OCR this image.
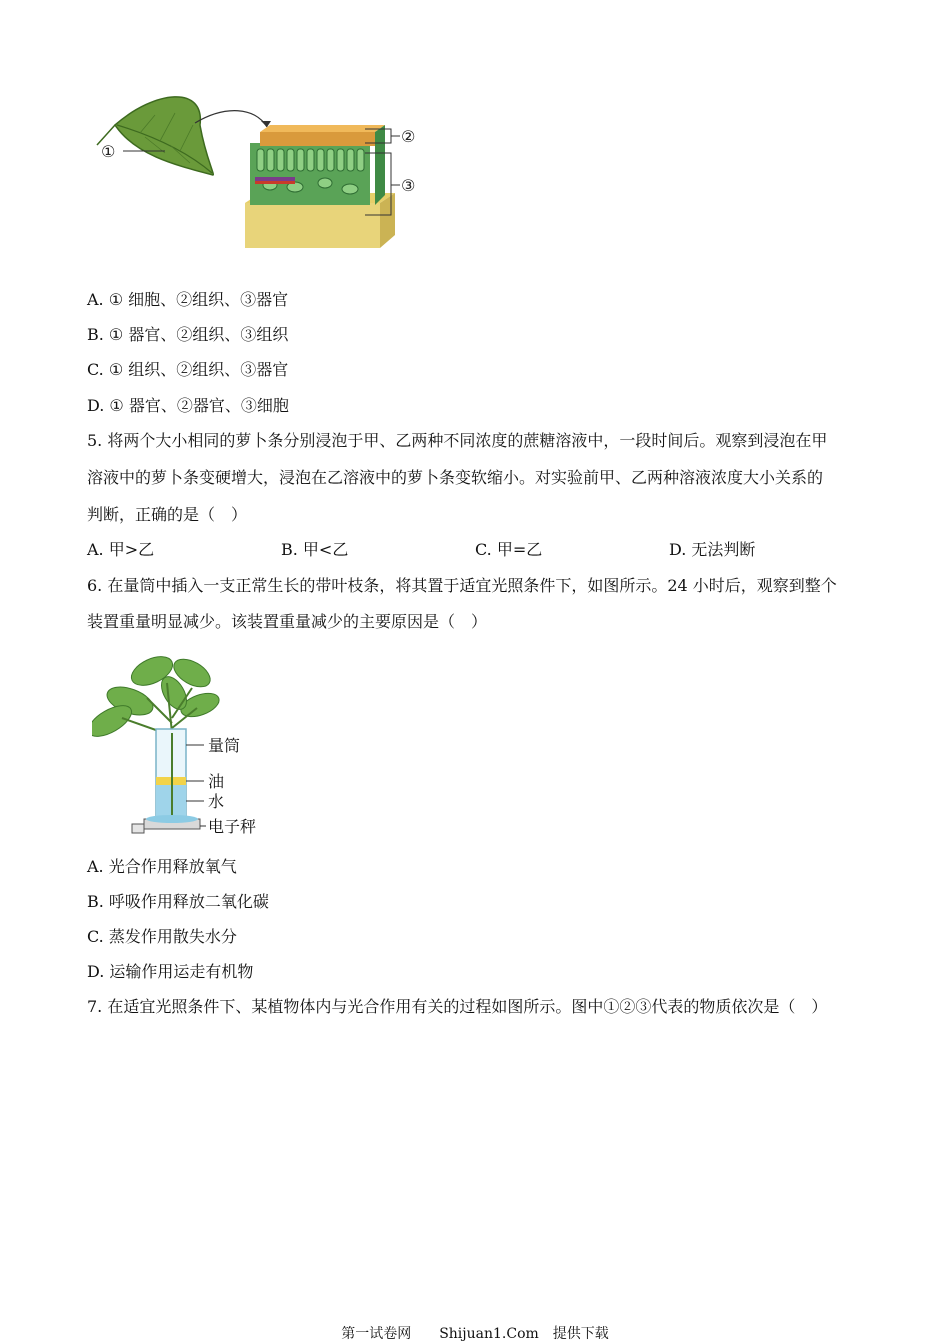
①
②
③
A. ① 细胞、②组织、③器官
B. ① 器官、②组织、③组织
C. ① 组织、②组织、③器官
D. ① 器官、②器官、③细胞
5. 将两个大小相同的萝卜条分别浸泡于甲、乙两种不同浓度的蔗糖溶液中，一段时间后。观察到浸泡在甲
溶液中的萝卜条变硬增大，浸泡在乙溶液中的萝卜条变软缩小。对实验前甲、乙两种溶液浓度大小关系的
判断，正确的是（　）
A. 甲>乙	B. 甲<乙	C. 甲=乙	D. 无法判断
6. 在量筒中插入一支正常生长的带叶枝条，将其置于适宜光照条件下，如图所示。24 小时后，观察到整个
装置重量明显减少。该装置重量减少的主要原因是（　）
量筒
油
水
电子秤
A. 光合作用释放氧气
B. 呼吸作用释放二氧化碳
C. 蒸发作用散失水分
D. 运输作用运走有机物
7. 在适宜光照条件下、某植物体内与光合作用有关的过程如图所示。图中①②③代表的物质依次是（　）
第一试卷网　　Shijuan1.Com　提供下载
